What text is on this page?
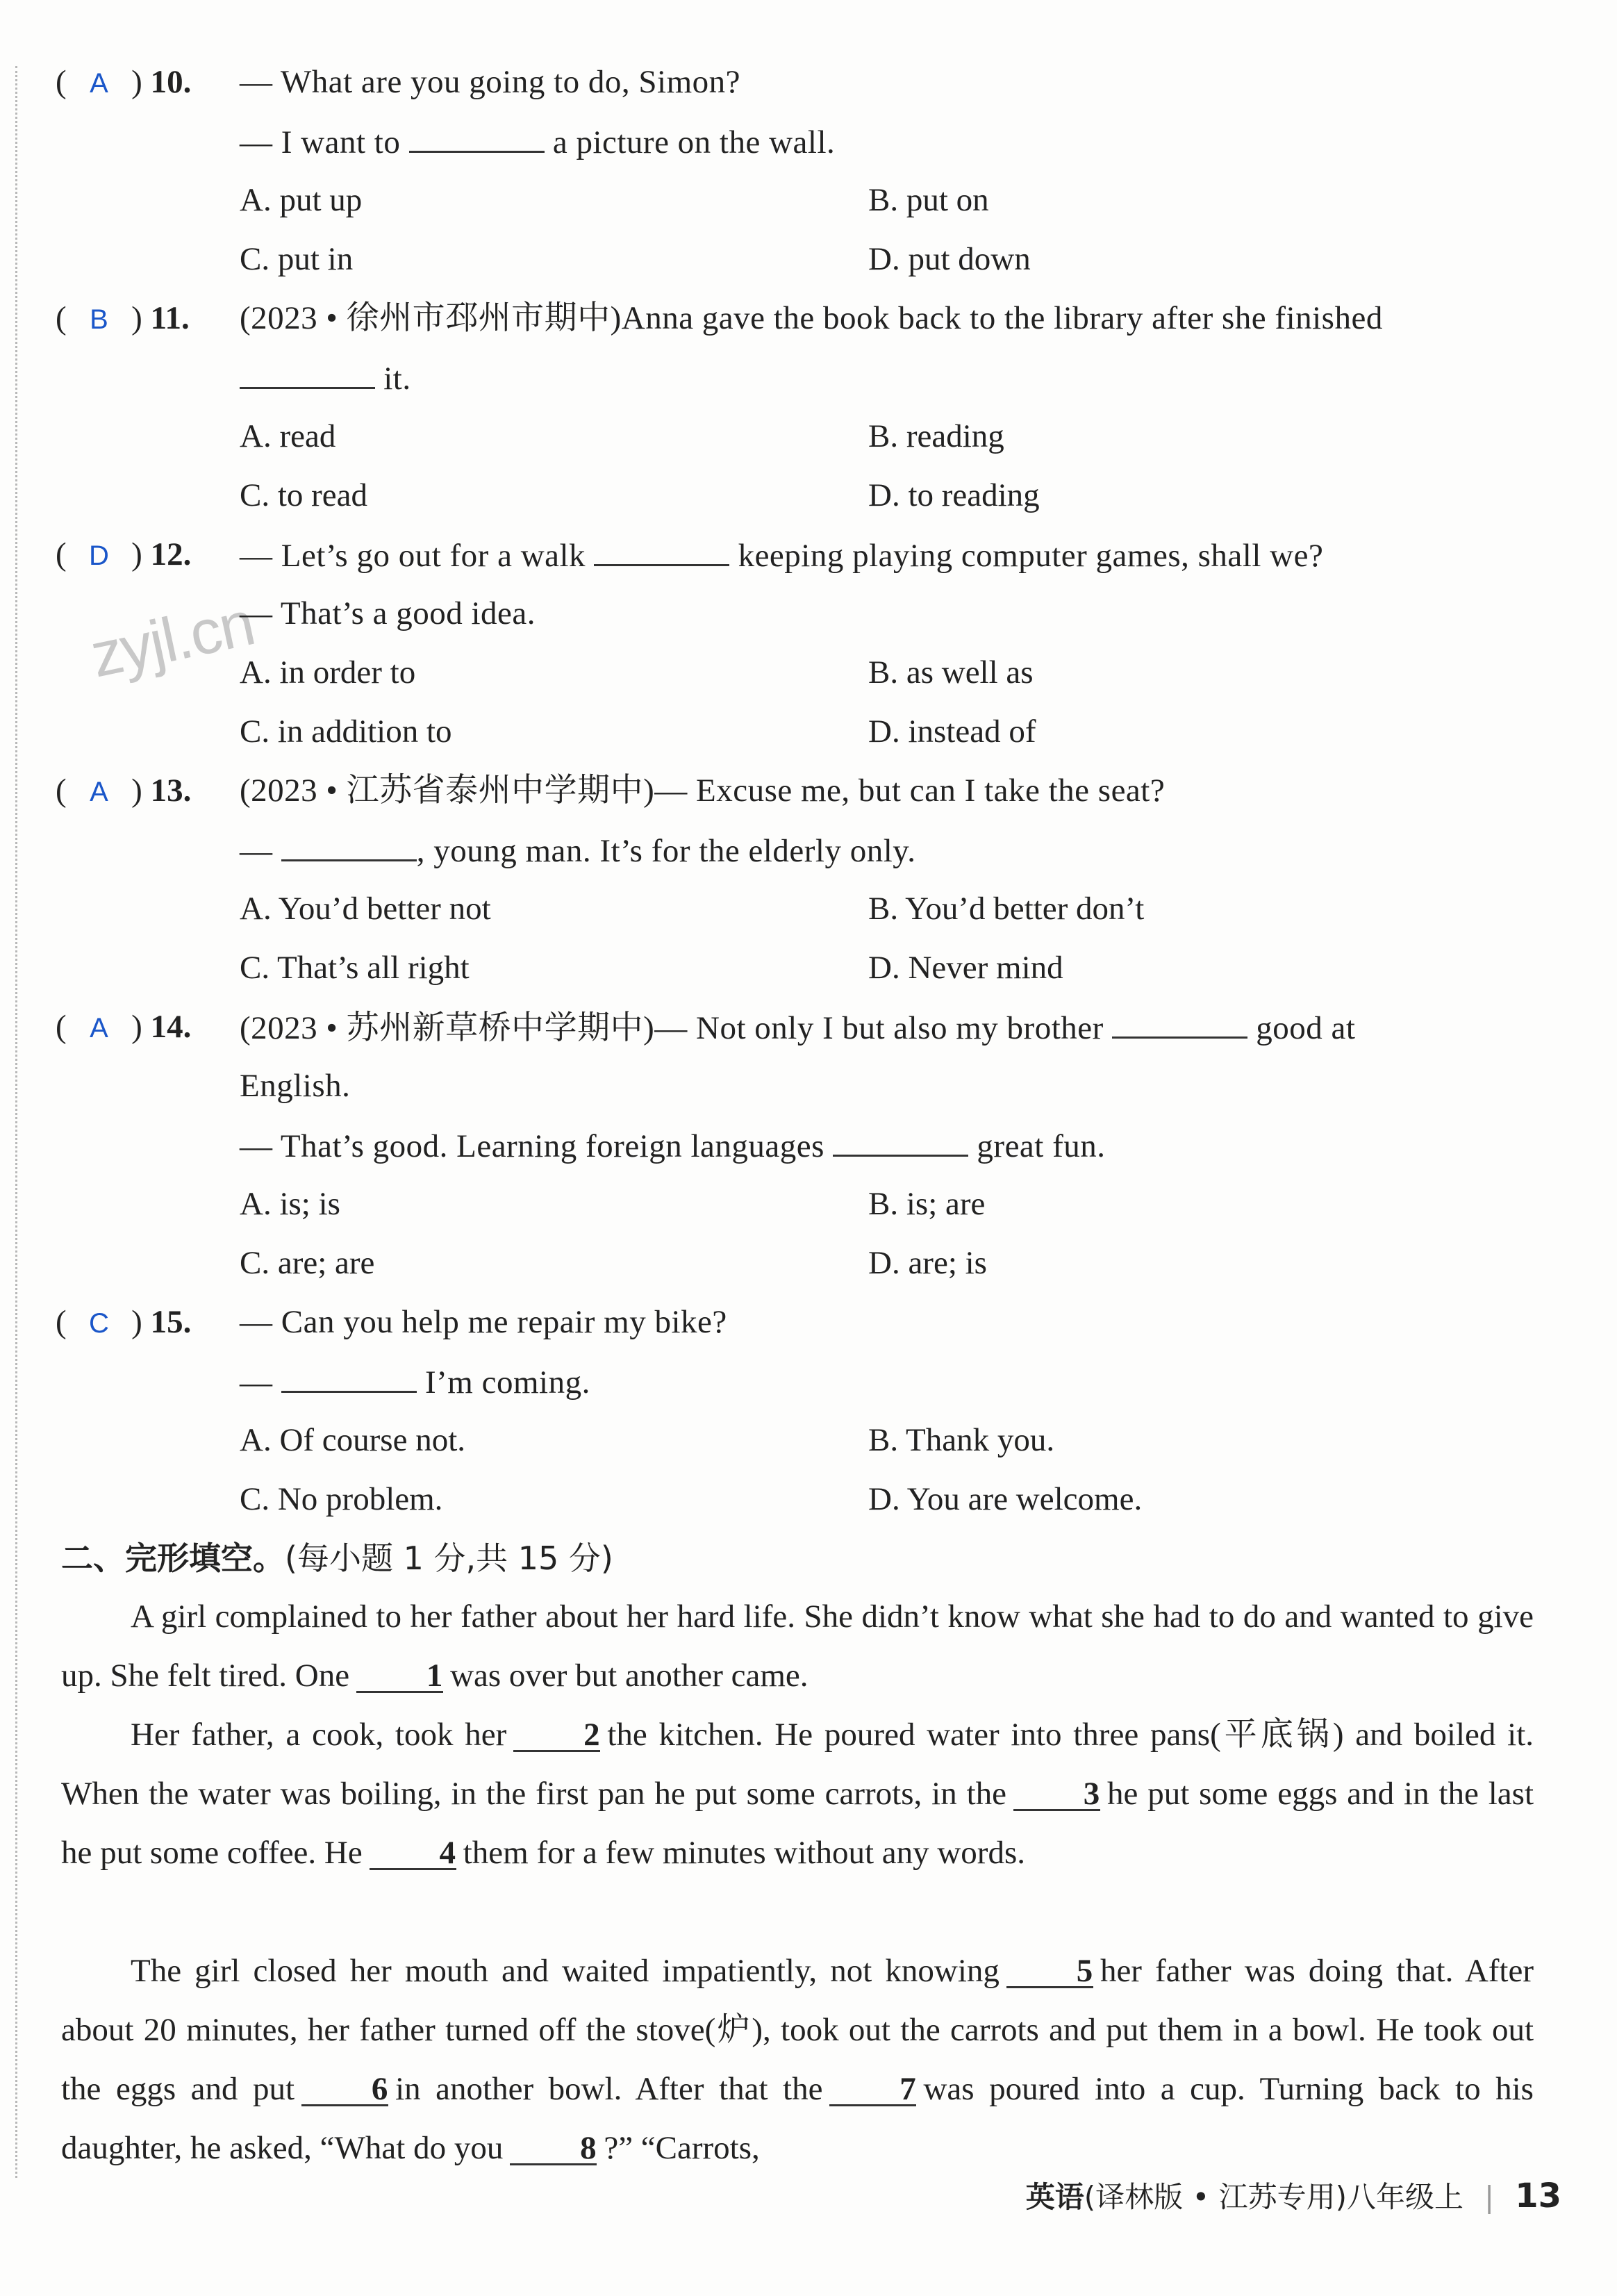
zyjl.cn
( A ) 10. — What are you going to do, Simon?
— I want to	a picture on the wall.
A. put up	B. put on
C. put in	D. put down
( B ) 11. (2023 • 徐州市邳州市期中)Anna gave the book back to the library after she finished
it.
A. read	B. reading
C. to read	D. to reading
( D ) 12. — Let’s go out for a walk	keeping playing computer games, shall we?
— That’s a good idea.
A. in order to	B. as well as
C. in addition to	D. instead of
( A ) 13. (2023 • 江苏省泰州中学期中)— Excuse me, but can I take the seat?
—	, young man. It’s for the elderly only.
A. You’d better not	B. You’d better don’t
C. That’s all right	D. Never mind
( A ) 14. (2023 • 苏州新草桥中学期中)— Not only I but also my brother	good at
English.
— That’s good. Learning foreign languages	great fun.
A. is; is	B. is; are
C. are; are	D. are; is
( C ) 15. — Can you help me repair my bike?
—	I’m coming.
A. Of course not.	B. Thank you.
C. No problem.	D. You are welcome.
二、完形填空。(每小题 1 分,共 15 分)
A girl complained to her father about her hard life. She didn’t know what she had to do and wanted to give up. She felt tired. One 1 was over but another came.
Her father, a cook, took her 2 the kitchen. He poured water into three pans(平底锅) and boiled it. When the water was boiling, in the first pan he put some carrots, in the 3 he put some eggs and in the last he put some coffee. He 4 them for a few minutes without any words.
The girl closed her mouth and waited impatiently, not knowing 5 her father was doing that. After about 20 minutes, her father turned off the stove(炉), took out the carrots and put them in a bowl. He took out the eggs and put 6 in another bowl. After that the 7 was poured into a cup. Turning back to his daughter, he asked, “What do you 8 ?” “Carrots,
英语(译林版 • 江苏专用)八年级上 | 13
